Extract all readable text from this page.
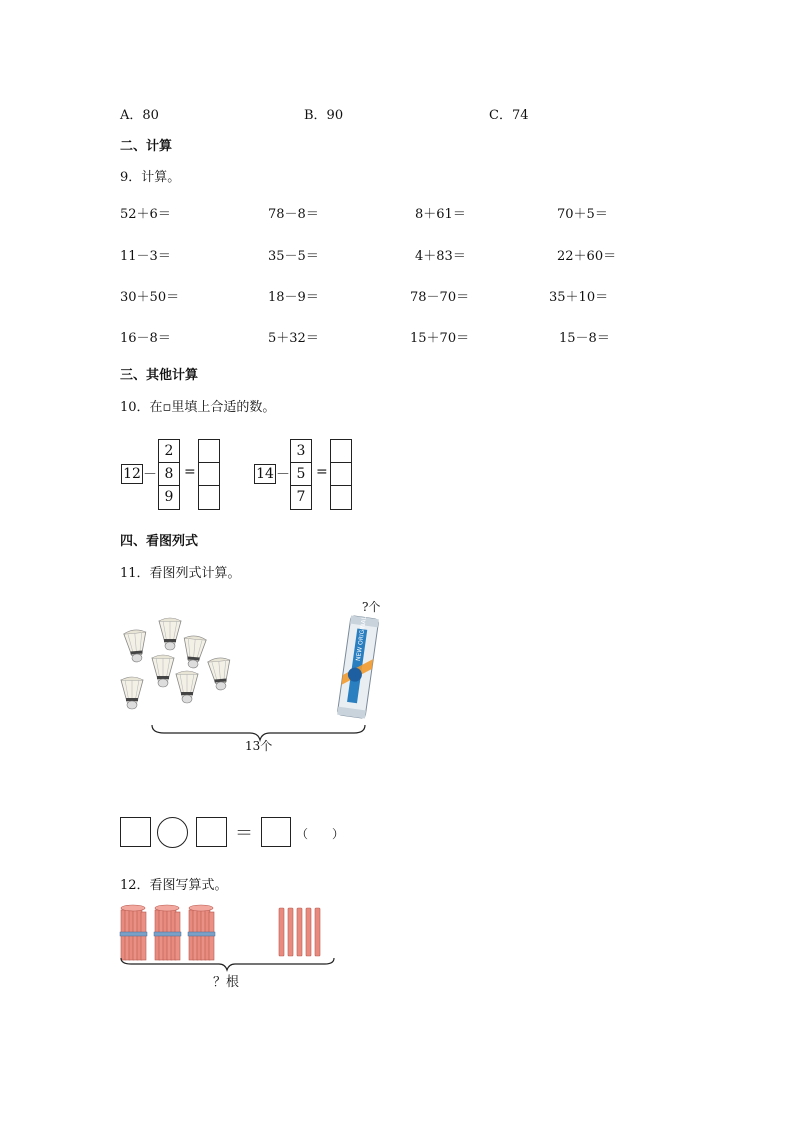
A．80	B．90	C．74
二、计算
9．计算。
52＋6＝	78－8＝	8＋61＝	70＋5＝
11－3＝	35－5＝	4＋83＝	22＋60＝
30＋50＝	18－9＝	78－70＝	35＋10＝
16－8＝	5＋32＝	15＋70＝	15－8＝
三、其他计算
10．在▫里填上合适的数。
12 －
2
8
9
=	14 －
3
5
7
=
四、看图列式
11．看图列式计算。
NEW ORIGINAL
?个
13个
＝	（　　）
12．看图写算式。
？根
